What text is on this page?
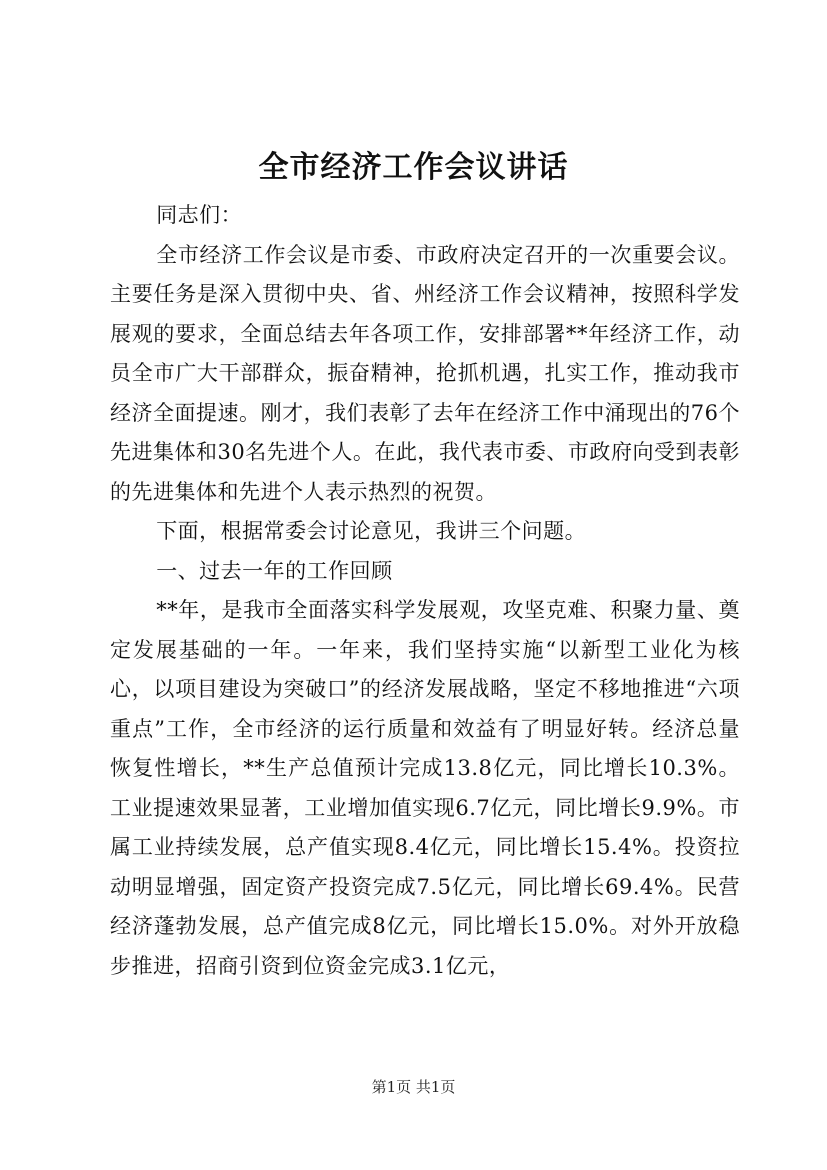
全市经济工作会议讲话

同志们：

全市经济工作会议是市委、市政府决定召开的一次重要会议。主要任务是深入贯彻中央、省、州经济工作会议精神，按照科学发展观的要求，全面总结去年各项工作，安排部署**年经济工作，动员全市广大干部群众，振奋精神，抢抓机遇，扎实工作，推动我市经济全面提速。刚才，我们表彰了去年在经济工作中涌现出的76个先进集体和30名先进个人。在此，我代表市委、市政府向受到表彰的先进集体和先进个人表示热烈的祝贺。

下面，根据常委会讨论意见，我讲三个问题。

一、过去一年的工作回顾

**年，是我市全面落实科学发展观，攻坚克难、积聚力量、奠定发展基础的一年。一年来，我们坚持实施“以新型工业化为核心，以项目建设为突破口”的经济发展战略，坚定不移地推进“六项重点”工作，全市经济的运行质量和效益有了明显好转。经济总量恢复性增长，**生产总值预计完成13.8亿元，同比增长10.3%。工业提速效果显著，工业增加值实现6.7亿元，同比增长9.9%。市属工业持续发展，总产值实现8.4亿元，同比增长15.4%。投资拉动明显增强，固定资产投资完成7.5亿元，同比增长69.4%。民营经济蓬勃发展，总产值完成8亿元，同比增长15.0%。对外开放稳步推进，招商引资到位资金完成3.1亿元，

第1页 共1页
